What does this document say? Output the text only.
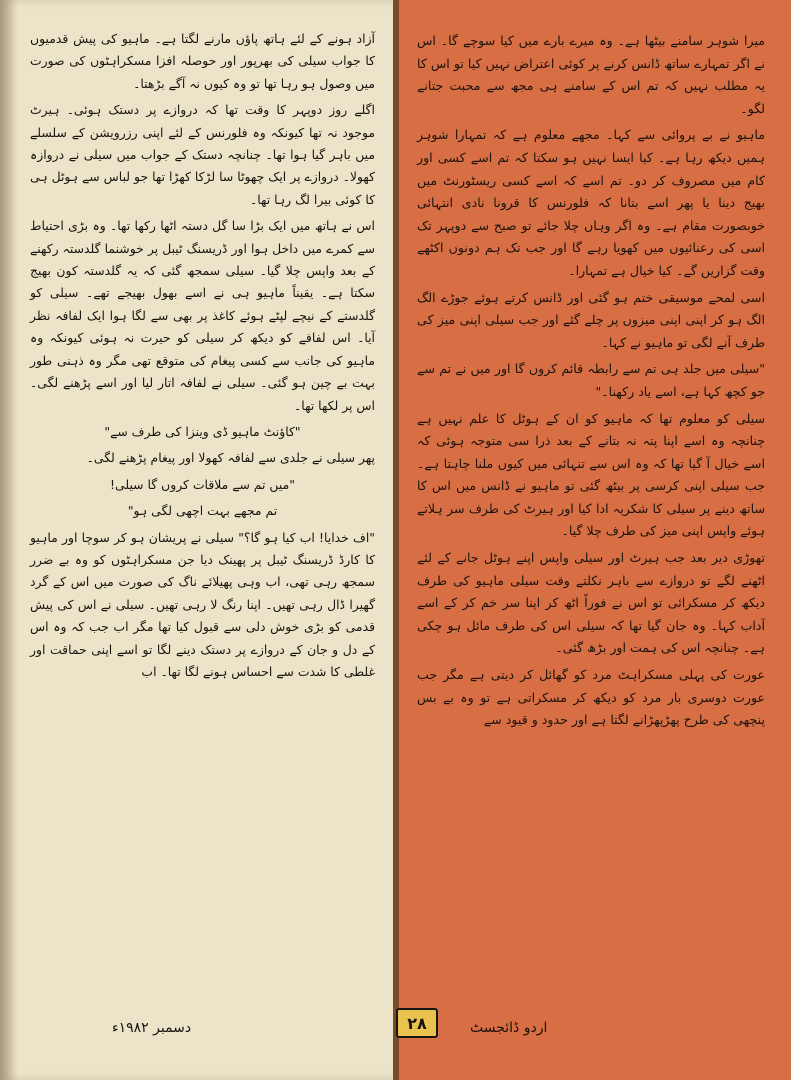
آزاد ہونے کے لئے ہاتھ پاؤں مارنے لگتا ہے۔ ماہیو کی پیش قدمیوں کا جواب سیلی کی بھرپور اور حوصلہ افزا مسکراہٹوں کی صورت میں وصول ہو رہا تھا تو وہ کیوں نہ آگے بڑھتا۔

اگلے روز دوپہر کا وقت تھا کہ دروازے پر دستک ہوئی۔ ہیرٹ موجود نہ تھا کیونکہ وہ فلورنس کے لئے اپنی رزرویشن کے سلسلے میں باہر گیا ہوا تھا۔ چنانچہ دستک کے جواب میں سیلی نے دروازہ کھولا۔ دروازے پر ایک چھوٹا سا لڑکا کھڑا تھا جو لباس سے ہوٹل ہی کا کوئی بیرا لگ رہا تھا۔

اس نے ہاتھ میں ایک بڑا سا گل دستہ اٹھا رکھا تھا۔ وہ بڑی احتیاط سے کمرے میں داخل ہوا اور ڈریسنگ ٹیبل پر خوشنما گلدستہ رکھنے کے بعد واپس چلا گیا۔ سیلی سمجھ گئی کہ یہ گلدستہ کون بھیج سکتا ہے۔ یقیناً ماہیو ہی نے اسے بھول بھیجے تھے۔ سیلی کو گلدستے کے نیچے لپٹے ہوئے کاغذ پر بھی سے لگا ہوا ایک لفافہ نظر آیا۔ اس لفافے کو دیکھ کر سیلی کو حیرت نہ ہوئی کیونکہ وہ ماہیو کی جانب سے کسی پیغام کی متوقع تھی مگر وہ ذہنی طور بہت بے چین ہو گئی۔ سیلی نے لفافہ اتار لیا اور اسے پڑھنے لگی۔ اس پر لکھا تھا۔

"کاؤنٹ ماہیو ڈی وینزا کی طرف سے"

پھر سیلی نے جلدی سے لفافہ کھولا اور پیغام پڑھنے لگی۔

"میں تم سے ملاقات کروں گا سیلی!

تم مجھے بہت اچھی لگی ہو"

"اف خدایا! اب کیا ہو گا؟" سیلی نے پریشان ہو کر سوچا اور ماہیو کا کارڈ ڈریسنگ ٹیبل پر پھینک دیا جن مسکراہٹوں کو وہ بے ضرر سمجھ رہی تھی، اب وہی پھیلائے ناگ کی صورت میں اس کے گرد گھیرا ڈال رہی تھیں۔ اپنا رنگ لا رہی تھیں۔ سیلی نے اس کی پیش قدمی کو بڑی خوش دلی سے قبول کیا تھا مگر اب جب کہ وہ اس کے دل و جان کے دروازے پر دستک دینے لگا تو اسے اپنی حماقت اور غلطی کا شدت سے احساس ہونے لگا تھا۔ اب

میرا شوہر سامنے بیٹھا ہے۔ وہ میرے بارے میں کیا سوچے گا۔ اس نے اگر تمہارے ساتھ ڈانس کرنے پر کوئی اعتراض نہیں کیا تو اس کا یہ مطلب نہیں کہ تم اس کے سامنے ہی مجھ سے محبت جتانے لگو۔

ماہیو نے بے پروائی سے کہا۔ مجھے معلوم ہے کہ تمہارا شوہر ہمیں دیکھ رہا ہے۔ کیا ایسا نہیں ہو سکتا کہ تم اسے کسی اور کام میں مصروف کر دو۔ تم اسے کہ اسے کسی ریسٹورنٹ میں بھیج دینا یا پھر اسے بتانا کہ فلورنس کا قرونا نادی انتہائی خوبصورت مقام ہے۔ وہ اگر وہاں چلا جائے تو صبح سے دوپہر تک اسی کی رعنائیوں میں کھویا رہے گا اور جب تک ہم دونوں اکٹھے وقت گزاریں گے۔ کیا خیال ہے تمہارا۔

اسی لمحے موسیقی ختم ہو گئی اور ڈانس کرتے ہوئے جوڑے الگ الگ ہو کر اپنی اپنی میزوں پر چلے گئے اور جب سیلی اپنی میز کی طرف آنے لگی تو ماہیو نے کہا۔

"سیلی میں جلد ہی تم سے رابطہ قائم کروں گا اور میں نے تم سے جو کچھ کہا ہے، اسے یاد رکھنا۔"

سیلی کو معلوم تھا کہ ماہیو کو ان کے ہوٹل کا علم نہیں ہے چنانچہ وہ اسے اپنا پتہ نہ بتانے کے بعد ذرا سی متوجہ ہوئی کہ اسے خیال آ گیا تھا کہ وہ اس سے تنہائی میں کیوں ملنا چاہتا ہے۔ جب سیلی اپنی کرسی پر بیٹھ گئی تو ماہیو نے ڈانس میں اس کا ساتھ دینے پر سیلی کا شکریہ ادا کیا اور ہیرٹ کی طرف سر ہلاتے ہوئے واپس اپنی میز کی طرف چلا گیا۔

تھوڑی دیر بعد جب ہیرٹ اور سیلی واپس اپنے ہوٹل جانے کے لئے اٹھنے لگے تو دروازے سے باہر نکلتے وقت سیلی ماہیو کی طرف دیکھ کر مسکرائی تو اس نے فوراً اٹھ کر اپنا سر خم کر کے اسے آداب کہا۔ وہ جان گیا تھا کہ سیلی اس کی طرف مائل ہو چکی ہے۔ چنانچہ اس کی ہمت اور بڑھ گئی۔

عورت کی پہلی مسکراہٹ مرد کو گھائل کر دیتی ہے مگر جب عورت دوسری بار مرد کو دیکھ کر مسکراتی ہے تو وہ بے بس پنچھی کی طرح پھڑپھڑانے لگتا ہے اور حدود و قیود سے

دسمبر ۱۹۸۲ء	۲۸	اردو ڈائجسٹ
